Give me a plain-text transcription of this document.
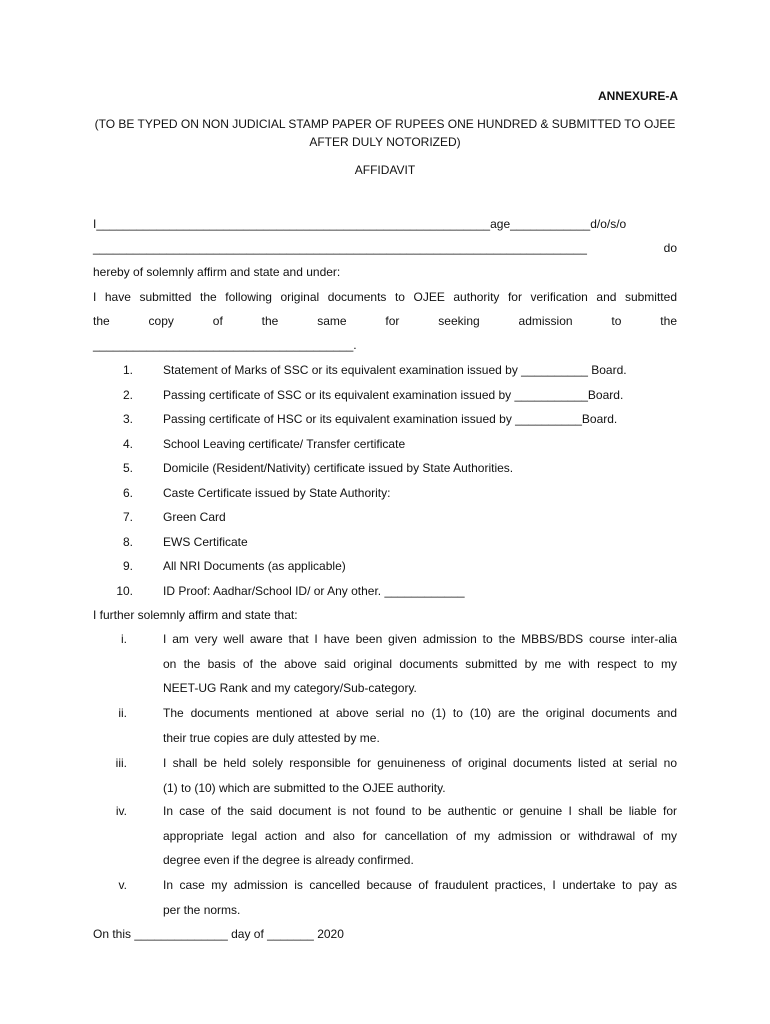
ANNEXURE-A
(TO BE TYPED ON NON JUDICIAL STAMP PAPER OF RUPEES ONE HUNDRED & SUBMITTED TO OJEE
AFTER DULY NOTORIZED)
AFFIDAVIT
I___________________________________________________________age____________d/o/s/o
__________________________________________________________________________ do
hereby of solemnly affirm and state and under:
I have submitted the following original documents to OJEE authority for verification and submitted
the copy of the same for seeking admission to the
_______________________________________.
1.	Statement of Marks of SSC or its equivalent examination issued by __________ Board.
2.	Passing certificate of SSC or its equivalent examination issued by ___________Board.
3.	Passing certificate of HSC or its equivalent examination issued by __________Board.
4.	School Leaving certificate/ Transfer certificate
5.	Domicile (Resident/Nativity) certificate issued by State Authorities.
6.	Caste Certificate issued by State Authority:
7.	Green Card
8.	EWS Certificate
9.	All NRI Documents (as applicable)
10.	ID Proof: Aadhar/School ID/ or Any other. ____________
I further solemnly affirm and state that:
i.	I am very well aware that I have been given admission to the MBBS/BDS course inter-alia
on the basis of the above said original documents submitted by me with respect to my
NEET-UG Rank and my category/Sub-category.
ii.	The documents mentioned at above serial no (1) to (10) are the original documents and
their true copies are duly attested by me.
iii.	I shall be held solely responsible for genuineness of original documents listed at serial no
(1) to (10) which are submitted to the OJEE authority.
iv.	In case of the said document is not found to be authentic or genuine I shall be liable for
appropriate legal action and also for cancellation of my admission or withdrawal of my
degree even if the degree is already confirmed.
v.	In case my admission is cancelled because of fraudulent practices, I undertake to pay as
per the norms.
On this ______________ day of _______ 2020
